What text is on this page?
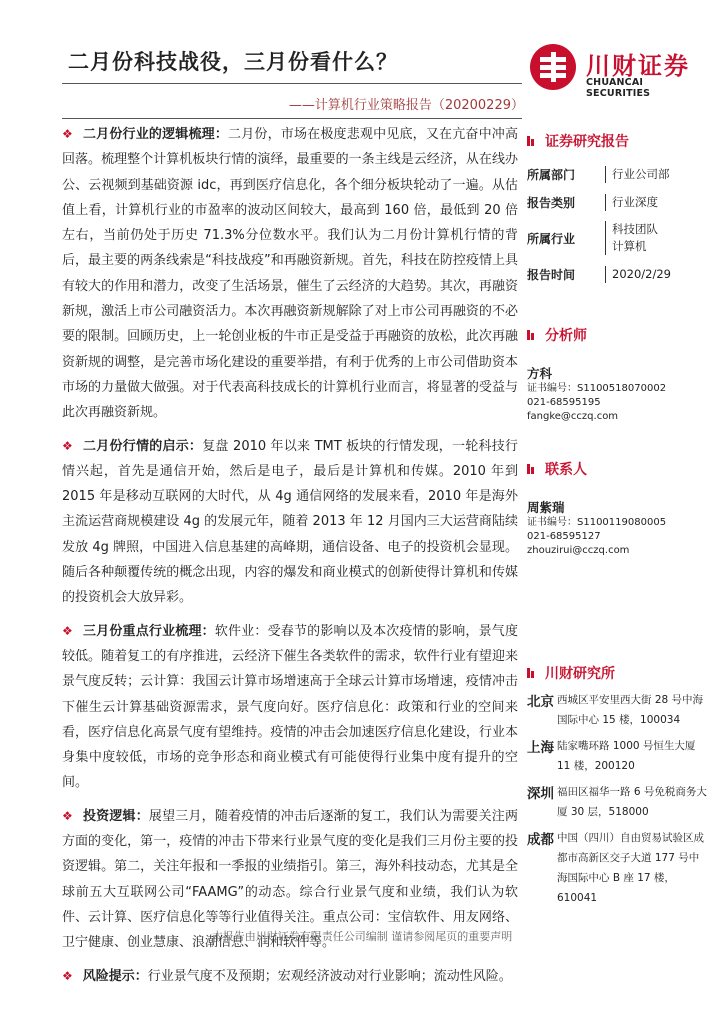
二月份科技战役，三月份看什么？
——计算机行业策略报告（20200229）
川财证券
CHUANCAI SECURITIES

❖ 二月份行业的逻辑梳理：二月份，市场在极度悲观中见底，又在亢奋中冲高回落。梳理整个计算机板块行情的演绎，最重要的一条主线是云经济，从在线办公、云视频到基础资源 idc，再到医疗信息化，各个细分板块轮动了一遍。从估值上看，计算机行业的市盈率的波动区间较大，最高到 160 倍，最低到 20 倍左右，当前仍处于历史 71.3%分位数水平。我们认为二月份计算机行情的背后，最主要的两条线索是“科技战疫”和再融资新规。首先，科技在防控疫情上具有较大的作用和潜力，改变了生活场景，催生了云经济的大趋势。其次，再融资新规，激活上市公司融资活力。本次再融资新规解除了对上市公司再融资的不必要的限制。回顾历史，上一轮创业板的牛市正是受益于再融资的放松，此次再融资新规的调整，是完善市场化建设的重要举措，有利于优秀的上市公司借助资本市场的力量做大做强。对于代表高科技成长的计算机行业而言，将显著的受益与此次再融资新规。

❖ 二月份行情的启示：复盘 2010 年以来 TMT 板块的行情发现，一轮科技行情兴起，首先是通信开始，然后是电子，最后是计算机和传媒。2010 年到 2015 年是移动互联网的大时代，从 4g 通信网络的发展来看，2010 年是海外主流运营商规模建设 4g 的发展元年，随着 2013 年 12 月国内三大运营商陆续发放 4g 牌照，中国进入信息基建的高峰期，通信设备、电子的投资机会显现。随后各种颠覆传统的概念出现，内容的爆发和商业模式的创新使得计算机和传媒的投资机会大放异彩。

❖ 三月份重点行业梳理：软件业：受春节的影响以及本次疫情的影响，景气度较低。随着复工的有序推进，云经济下催生各类软件的需求，软件行业有望迎来景气度反转；云计算：我国云计算市场增速高于全球云计算市场增速，疫情冲击下催生云计算基础资源需求，景气度向好。医疗信息化：政策和行业的空间来看，医疗信息化高景气度有望维持。疫情的冲击会加速医疗信息化建设，行业本身集中度较低，市场的竞争形态和商业模式有可能使得行业集中度有提升的空间。

❖ 投资逻辑：展望三月，随着疫情的冲击后逐渐的复工，我们认为需要关注两方面的变化，第一，疫情的冲击下带来行业景气度的变化是我们三月份主要的投资逻辑。第二，关注年报和一季报的业绩指引。第三，海外科技动态，尤其是全球前五大互联网公司“FAAMG”的动态。综合行业景气度和业绩，我们认为软件、云计算、医疗信息化等等行业值得关注。重点公司：宝信软件、用友网络、卫宁健康、创业慧康、浪潮信息、润和软件等。

❖ 风险提示：行业景气度不及预期；宏观经济波动对行业影响；流动性风险。

证券研究报告
所属部门	行业公司部
报告类别	行业深度
所属行业
科技团队
计算机
报告时间	2020/2/29
分析师
方科
证书编号：S1100518070002
021-68595195
fangke@cczq.com
联系人
周紫瑞
证书编号：S1100119080005
021-68595127
zhouzirui@cczq.com
川财研究所
北京 西城区平安里西大街 28 号中海国际中心 15 楼，100034
上海 陆家嘴环路 1000 号恒生大厦 11 楼，200120
深圳 福田区福华一路 6 号免税商务大厦 30 层，518000
成都 中国（四川）自由贸易试验区成都市高新区交子大道 177 号中海国际中心 B 座 17 楼，610041
本报告由川财证券有限责任公司编制 谨请参阅尾页的重要声明
